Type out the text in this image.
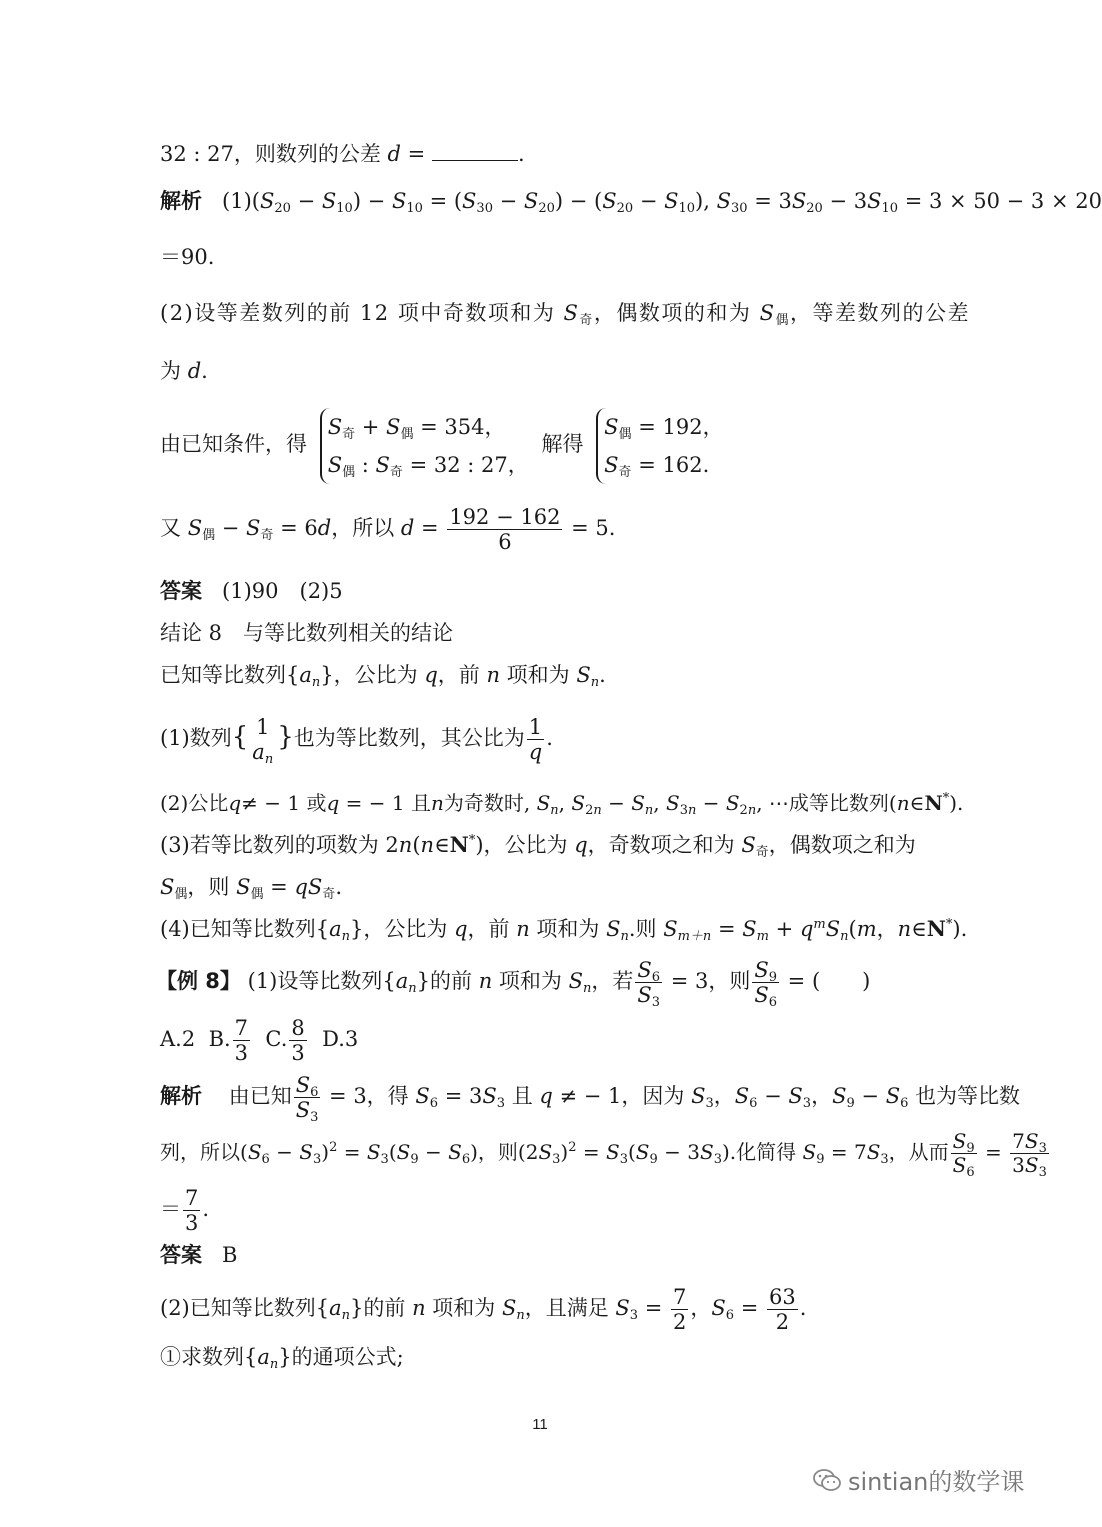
32 : 27，则数列的公差 d =	.
解析 $(1)(S_{20} - S_{10}) - S_{10} = (S_{30} - S_{20}) - (S_{20} - S_{10})$, $S_{30} = 3S_{20} - 3S_{10} = 3 \times 50 - 3 \times 20$
＝90.
(2)设等差数列的前 12 项中奇数项和为 $S_奇$，偶数项的和为 $S_偶$，等差数列的公差
为 d.
由已知条件，得
$S_奇 + S_偶 = 354$，
$S_偶$ : $S_奇 = 32$ : 27，
解得
$S_偶 = 192$，
$S_奇 = 162$.
又 $S_偶 - S_奇 = 6d$，所以 $d = \frac{192 - 162}{6} = 5$.
答案 (1)90　(2)5
结论 8　与等比数列相关的结论
已知等比数列$\{a_n\}$，公比为 q，前 n 项和为 $S_n$.
(1)数列{ 1
$a_n$
}也为等比数列，其公比为 $\frac{1}{q}$ .
(2)公比q≠ − 1 或q = − 1 且n为奇数时, $S_n$, $S_{2n} - S_n$, $S_{3n} - S_{2n}$, ⋯成等比数列(n∈N*).
(3)若等比数列的项数为 2n(n∈N*)，公比为 q，奇数项之和为 $S_奇$，偶数项之和为
$S_偶$，则 $S_偶 = qS_奇$.
(4)已知等比数列$\{a_n\}$，公比为 q，前 n 项和为 $S_n$.则 $S_{m+n} = S_m + q^mS_n(m$，n∈N*).
【例 8】 (1)设等比数列$\{a_n\}$的前 n 项和为 $S_n$，若 $\frac{S_6}{S_3} = 3$，则 $\frac{S_9}{S_6}$ = (　　)
A.2 B. $\frac{7}{3} C$. $\frac{8}{3} D.3$
解析 由已知 $\frac{S_6}{S_3} = 3$，得 $S_6 = 3S_3$ 且 q ≠ − 1，因为 $S_3$，$S_6 - S_3$，$S_9 - S_6$ 也为等比数
列，所以$(S_6 - S_3)^2 = S_3(S_9 - S_6)$，则$(2S_3)^2 = S_3(S_9 - 3S_3)$.化简得 $S_9 = 7S_3$，从而 $\frac{S_9}{S_6} = \frac{7S_3}{3S_3}$
＝ $\frac{7}{3}$ .
答案 B
(2)已知等比数列$\{a_n\}$的前 n 项和为 $S_n$，且满足 $S_3 = \frac{7}{2}$ ，$S_6 = \frac{63}{2}$ .
①求数列$\{a_n\}$的通项公式;
11
sintian的数学课
